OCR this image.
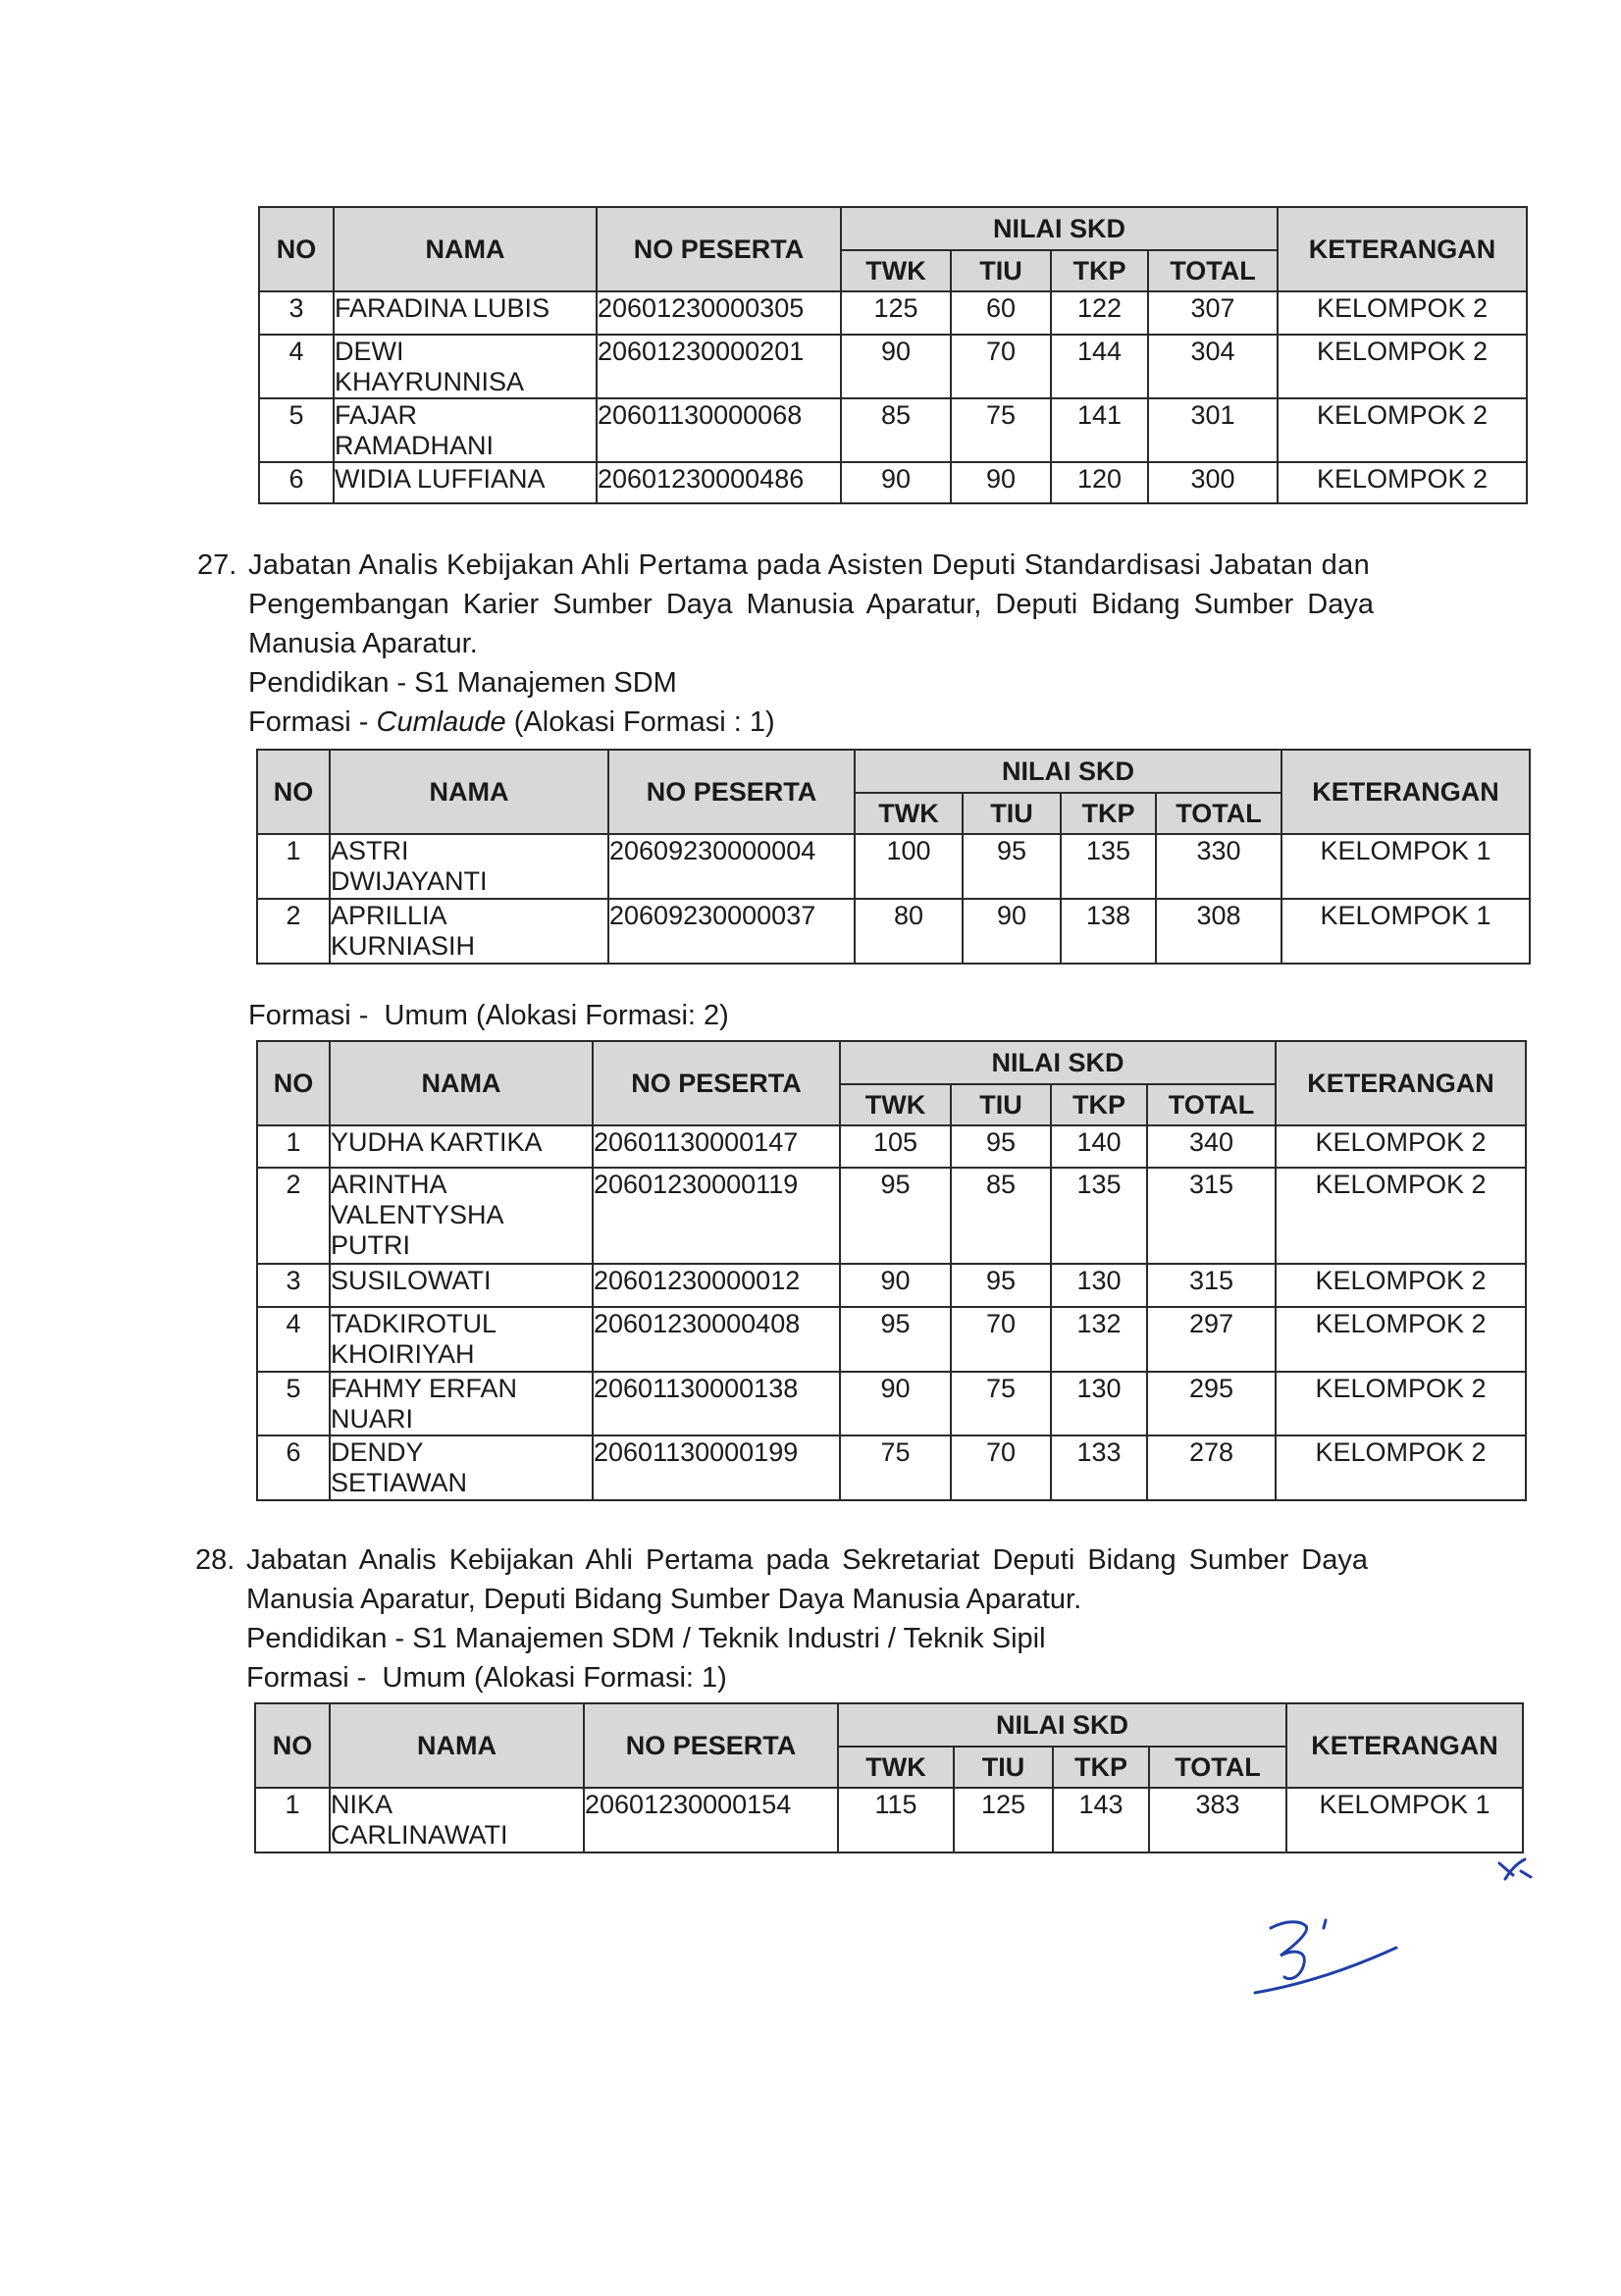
NO	NAMA	NO PESERTA	NILAI SKD				KETERANGAN
			TWK	TIU	TKP	TOTAL	
3	FARADINA LUBIS	20601230000305	125	60	122	307	KELOMPOK 2
4	DEWI KHAYRUNNISA	20601230000201	90	70	144	304	KELOMPOK 2
5	FAJAR RAMADHANI	20601130000068	85	75	141	301	KELOMPOK 2
6	WIDIA LUFFIANA	20601230000486	90	90	120	300	KELOMPOK 2
27. Jabatan Analis Kebijakan Ahli Pertama pada Asisten Deputi Standardisasi Jabatan dan
Pengembangan Karier Sumber Daya Manusia Aparatur, Deputi Bidang Sumber Daya
Manusia Aparatur.
Pendidikan - S1 Manajemen SDM
Formasi - Cumlaude (Alokasi Formasi : 1)
NO	NAMA	NO PESERTA	NILAI SKD				KETERANGAN
			TWK	TIU	TKP	TOTAL	
1	ASTRI DWIJAYANTI	20609230000004	100	95	135	330	KELOMPOK 1
2	APRILLIA KURNIASIH	20609230000037	80	90	138	308	KELOMPOK 1
Formasi -  Umum (Alokasi Formasi: 2)
NO	NAMA	NO PESERTA	NILAI SKD				KETERANGAN
			TWK	TIU	TKP	TOTAL	
1	YUDHA KARTIKA	20601130000147	105	95	140	340	KELOMPOK 2
2	ARINTHA VALENTYSHA PUTRI	20601230000119	95	85	135	315	KELOMPOK 2
3	SUSILOWATI	20601230000012	90	95	130	315	KELOMPOK 2
4	TADKIROTUL KHOIRIYAH	20601230000408	95	70	132	297	KELOMPOK 2
5	FAHMY ERFAN NUARI	20601130000138	90	75	130	295	KELOMPOK 2
6	DENDY SETIAWAN	20601130000199	75	70	133	278	KELOMPOK 2
28. Jabatan Analis Kebijakan Ahli Pertama pada Sekretariat Deputi Bidang Sumber Daya
Manusia Aparatur, Deputi Bidang Sumber Daya Manusia Aparatur.
Pendidikan - S1 Manajemen SDM / Teknik Industri / Teknik Sipil
Formasi -  Umum (Alokasi Formasi: 1)
NO	NAMA	NO PESERTA	NILAI SKD				KETERANGAN
			TWK	TIU	TKP	TOTAL	
1	NIKA CARLINAWATI	20601230000154	115	125	143	383	KELOMPOK 1
